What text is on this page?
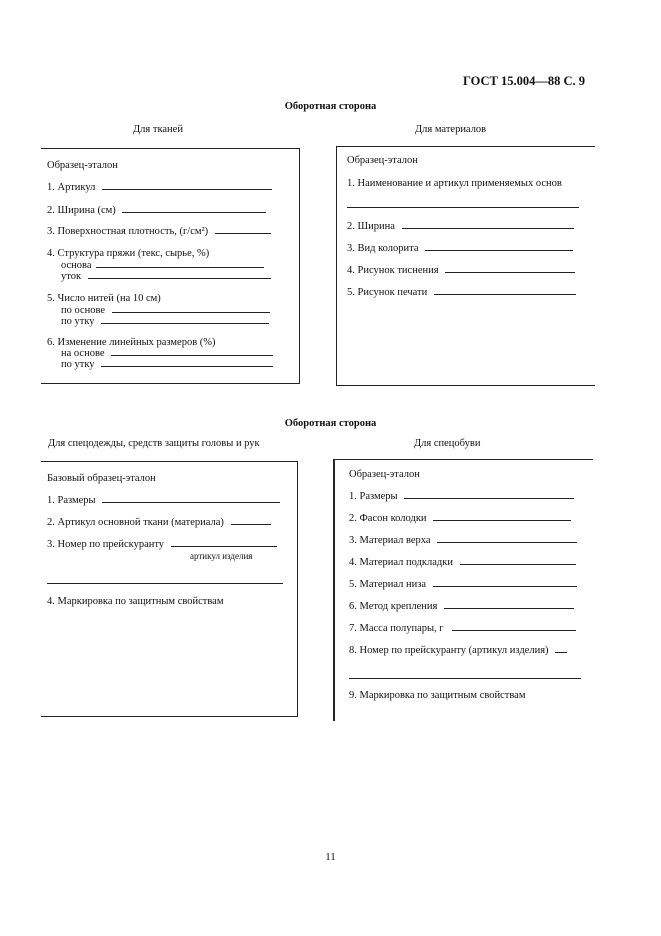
ГОСТ 15.004—88 С. 9
Оборотная сторона
Для тканей	Для материалов
Образец-эталон
1. Артикул
2. Ширина (см)
3. Поверхностная плотность, (г/см²)
4. Структура пряжи (текс, сырье, %)
основа
уток
5. Число нитей (на 10 см)
по основе
по утку
6. Изменение линейных размеров (%)
на основе
по утку
Образец-эталон
1. Наименование и артикул применяемых основ
2. Ширина
3. Вид колорита
4. Рисунок тиснения
5. Рисунок печати
Оборотная сторона
Для спецодежды, средств защиты головы и рук	Для спецобуви
Базовый образец-эталон
1. Размеры
2. Артикул основной ткани (материала)
3. Номер по прейскуранту
артикул изделия
4. Маркировка по защитным свойствам
Образец-эталон
1. Размеры
2. Фасон колодки
3. Материал верха
4. Материал подкладки
5. Материал низа
6. Метод крепления
7. Масса полупары, г
8. Номер по прейскуранту (артикул изделия)
9. Маркировка по защитным свойствам
11
